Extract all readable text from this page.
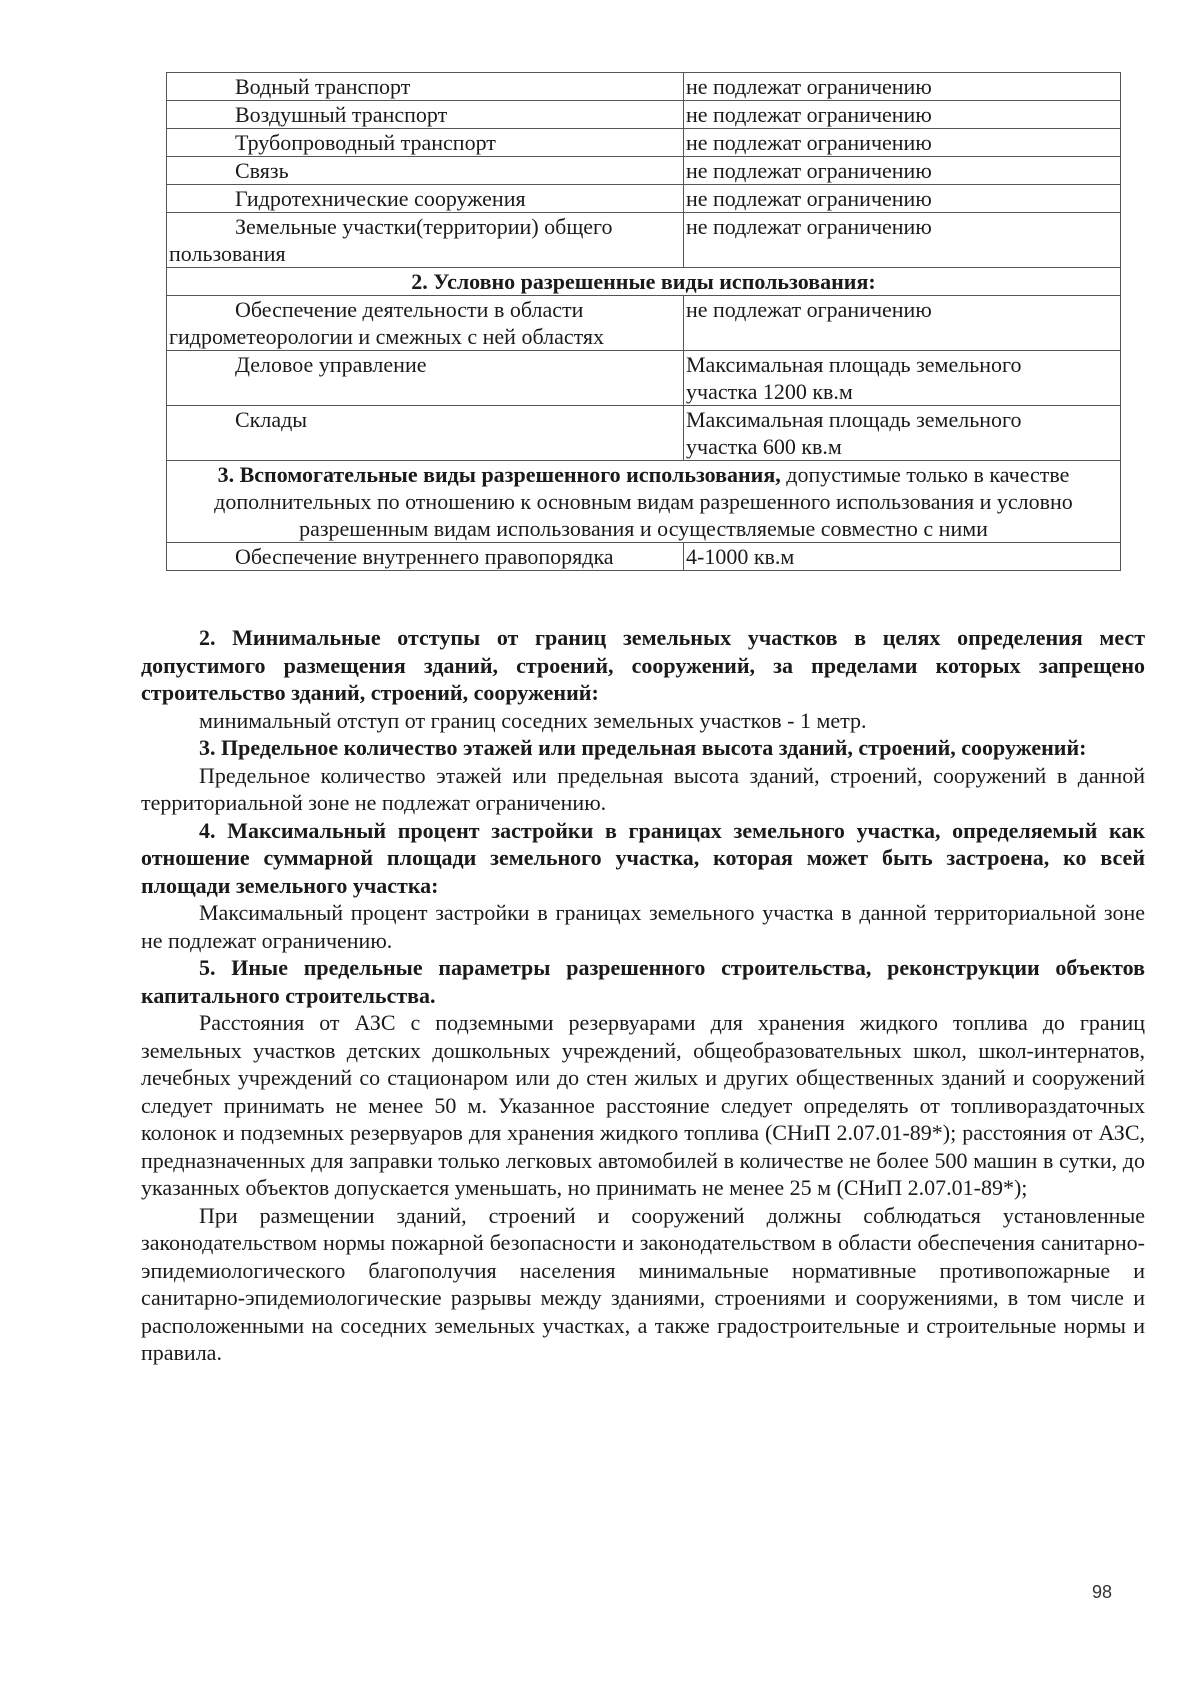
Водный транспорт	не подлежат ограничению
Воздушный транспорт	не подлежат ограничению
Трубопроводный транспорт	не подлежат ограничению
Связь	не подлежат ограничению
Гидротехнические сооружения	не подлежат ограничению
Земельные участки(территории) общего
пользования	не подлежат ограничению
2. Условно разрешенные виды использования:	
Обеспечение деятельности в области
гидрометеорологии и смежных с ней областях	не подлежат ограничению
Деловое управление	Максимальная площадь земельного
участка 1200 кв.м
Склады	Максимальная площадь земельного
участка 600 кв.м
3. Вспомогательные виды разрешенного использования, допустимые только в качестве дополнительных по отношению к основным видам разрешенного использования и условно разрешенным видам использования и осуществляемые совместно с ними	
Обеспечение внутреннего правопорядка	4-1000 кв.м

2. Минимальные отступы от границ земельных участков в целях определения мест допустимого размещения зданий, строений, сооружений, за пределами которых запрещено строительство зданий, строений, сооружений:

минимальный отступ от границ соседних земельных участков - 1 метр.

3. Предельное количество этажей или предельная высота зданий, строений, сооружений:

Предельное количество этажей или предельная высота зданий, строений, сооружений в данной территориальной зоне не подлежат ограничению.

4. Максимальный процент застройки в границах земельного участка, определяемый как отношение суммарной площади земельного участка, которая может быть застроена, ко всей площади земельного участка:

Максимальный процент застройки в границах земельного участка в данной территориальной зоне не подлежат ограничению.

5. Иные предельные параметры разрешенного строительства, реконструкции объектов капитального строительства.

Расстояния от АЗС с подземными резервуарами для хранения жидкого топлива до границ земельных участков детских дошкольных учреждений, общеобразовательных школ, школ-интернатов, лечебных учреждений со стационаром или до стен жилых и других общественных зданий и сооружений следует принимать не менее 50 м. Указанное расстояние следует определять от топливораздаточных колонок и подземных резервуаров для хранения жидкого топлива (СНиП 2.07.01-89*); расстояния от АЗС, предназначенных для заправки только легковых автомобилей в количестве не более 500 машин в сутки, до указанных объектов допускается уменьшать, но принимать не менее 25 м (СНиП 2.07.01-89*);

При размещении зданий, строений и сооружений должны соблюдаться установленные законодательством нормы пожарной безопасности и законодательством в области обеспечения санитарно-эпидемиологического благополучия населения минимальные нормативные противопожарные и санитарно-эпидемиологические разрывы между зданиями, строениями и сооружениями, в том числе и расположенными на соседних земельных участках, а также градостроительные и строительные нормы и правила.

98
